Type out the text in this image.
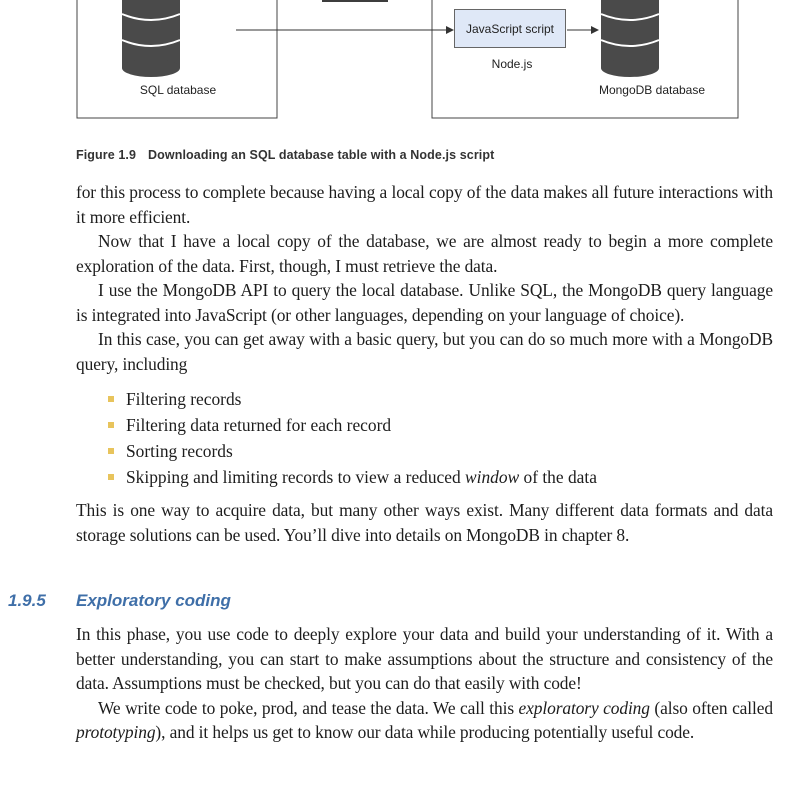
JavaScript script
SQL database
Node.js
MongoDB database
Figure 1.9 Downloading an SQL database table with a Node.js script

for this process to complete because having a local copy of the data makes all future interactions with it more efficient.

Now that I have a local copy of the database, we are almost ready to begin a more complete exploration of the data. First, though, I must retrieve the data.

I use the MongoDB API to query the local database. Unlike SQL, the MongoDB query language is integrated into JavaScript (or other languages, depending on your language of choice).

In this case, you can get away with a basic query, but you can do so much more with a MongoDB query, including

Filtering records
Filtering data returned for each record
Sorting records
Skipping and limiting records to view a reduced window of the data

This is one way to acquire data, but many other ways exist. Many different data formats and data storage solutions can be used. You’ll dive into details on MongoDB in chapter 8.

1.9.5 Exploratory coding

In this phase, you use code to deeply explore your data and build your understanding of it. With a better understanding, you can start to make assumptions about the structure and consistency of the data. Assumptions must be checked, but you can do that easily with code!

We write code to poke, prod, and tease the data. We call this exploratory coding (also often called prototyping), and it helps us get to know our data while producing potentially useful code.
